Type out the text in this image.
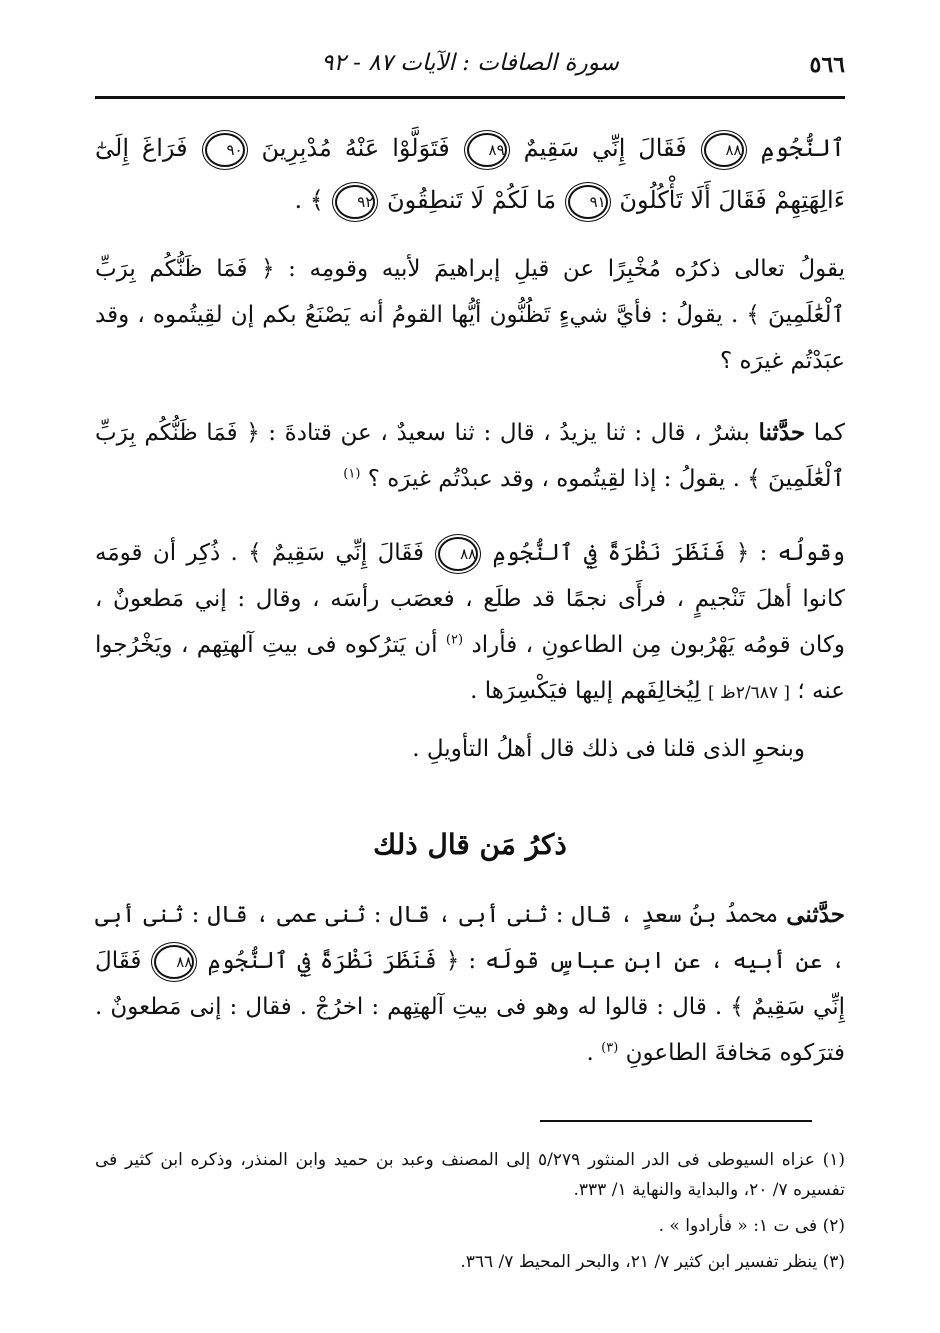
٥٦٦
سورة الصافات : الآيات ٨٧ - ٩٢
ٱلنُّجُومِ ٨٨ فَقَالَ إِنِّي سَقِيمٌ ٨٩ فَتَوَلَّوْا عَنْهُ مُدْبِرِينَ ٩٠ فَرَاغَ إِلَىٰٓ ءَالِهَتِهِمْ فَقَالَ أَلَا تَأْكُلُونَ ٩١ مَا لَكُمْ لَا تَنطِقُونَ ٩٢ ﴾ .

يقولُ تعالى ذكرُه مُخْبِرًا عن قيلِ إبراهيمَ لأبيه وقومِه : ﴿ فَمَا ظَنُّكُم بِرَبِّ ٱلْعَٰلَمِينَ ﴾ . يقولُ : فأيَّ شيءٍ تَظُنُّون أيُّها القومُ أنه يَصْنَعُ بكم إن لقِيتُموه ، وقد عبَدْتُم غيرَه ؟

كما حدَّثنا بشرٌ ، قال : ثنا يزيدُ ، قال : ثنا سعيدٌ ، عن قتادةَ : ﴿ فَمَا ظَنُّكُم بِرَبِّ ٱلْعَٰلَمِينَ ﴾ . يقولُ : إذا لقِيتُموه ، وقد عبدْتُم غيرَه ؟ $^{(١)}$

وقولُه : ﴿ فَنَظَرَ نَظْرَةً فِي ٱلنُّجُومِ ٨٨ فَقَالَ إِنِّي سَقِيمٌ ﴾ . ذُكِر أن قومَه كانوا أهلَ تَنْجيمٍ ، فرأَى نجمًا قد طلَع ، فعصَب رأسَه ، وقال : إني مَطعونٌ ، وكان قومُه يَهْرُبون مِن الطاعونِ ، فأراد $^{(٢)}$ أن يَترُكوه فى بيتِ آلهتِهم ، ويَخْرُجوا عنه ؛ [ ٢/٦٨٧ظ ] لِيُخالِفَهم إليها فيَكْسِرَها .

وبنحوِ الذى قلنا فى ذلك قال أهلُ التأويلِ .

ذكرُ مَن قال ذلك

حدَّثنى محمدُ بنُ سعدٍ ، قال : ثنى أبى ، قال : ثنى عمى ، قال : ثنى أبى ، عن أبيه ، عن ابنِ عباسٍ قولَه : ﴿ فَنَظَرَ نَظْرَةً فِي ٱلنُّجُومِ ٨٨ فَقَالَ إِنِّي سَقِيمٌ ﴾ . قال : قالوا له وهو فى بيتِ آلهتِهم : اخرُجْ . فقال : إنى مَطعونٌ . فترَكوه مَخافةَ الطاعونِ $^{(٣)}$ .

(١) عزاه السيوطى فى الدر المنثور ٥/٢٧٩ إلى المصنف وعبد بن حميد وابن المنذر، وذكره ابن كثير فى تفسيره ٧/ ٢٠، والبداية والنهاية ١/ ٣٣٣.

(٢) فى ت ١: « فأرادوا » .

(٣) ينظر تفسير ابن كثير ٧/ ٢١، والبحر المحيط ٧/ ٣٦٦.
